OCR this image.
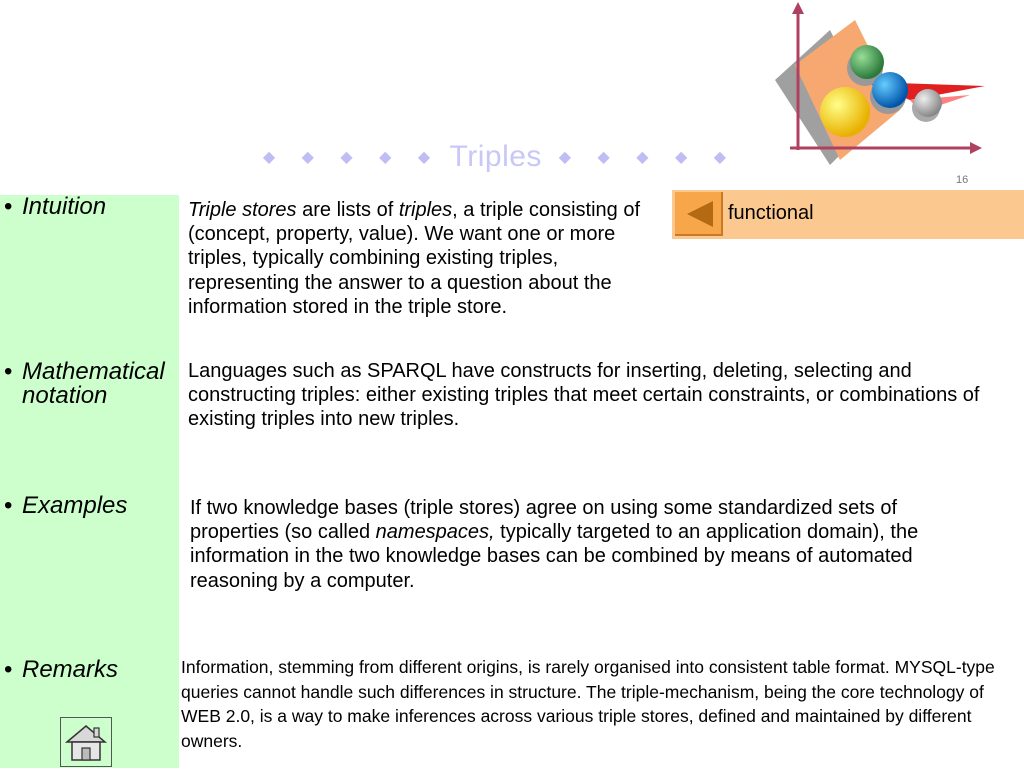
◆ ◆ ◆ ◆ ◆ Triples ◆ ◆ ◆ ◆ ◆
16
functional
• Intuition
• Mathematical
notation
• Examples
• Remarks
Triple stores are lists of triples, a triple consisting of (concept, property, value). We want one or more triples, typically combining existing triples, representing the answer to a question about the information stored in the triple store.
Languages such as SPARQL have constructs for inserting, deleting, selecting and constructing triples: either existing triples that meet certain constraints, or combinations of existing triples into new triples.
If two knowledge bases (triple stores) agree on using some standardized sets of properties (so called namespaces, typically targeted to an application domain), the information in the two knowledge bases can be combined by means of automated reasoning by a computer.
Information, stemming from different origins, is rarely organised into consistent table format. MYSQL-type queries cannot handle such differences in structure. The triple-mechanism, being the core technology of WEB 2.0, is a way to make inferences across various triple stores, defined and maintained by different owners.
